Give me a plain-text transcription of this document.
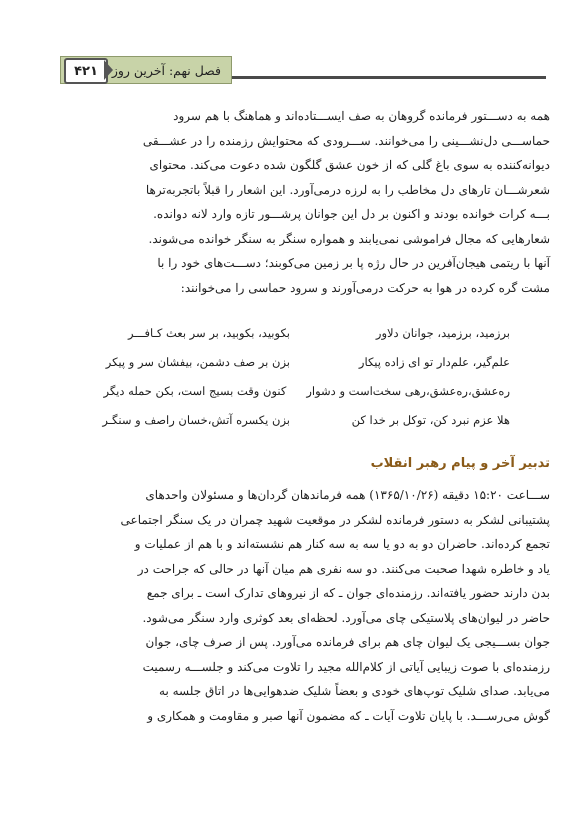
فصل نهم: آخرین روز
۴۲۱
همه به دســـتور فرمانده گروهان به صف ایســـتاده‌اند و هماهنگ با هم سرود
حماســـی دل‌نشـــینی را می‌خوانند. ســـرودی که محتوایش رزمنده را در عشـــقی
دیوانه‌کننده به سوی باغ گلی که از خون عشق گلگون شده دعوت می‌کند. محتوای
شعرشـــان تارهای دل مخاطب را به لرزه درمی‌آورد. این اشعار را قبلاً باتجربه‌ترها
بـــه کرات خوانده بودند و اکنون بر دل این جوانان پرشـــور تازه وارد لانه دوانده.
شعارهایی که مجال فراموشی نمی‌یابند و همواره سنگر به سنگر خوانده می‌شوند.
آنها با ریتمی هیجان‌آفرین در حال رژه پا بر زمین می‌کوبند؛ دســـت‌های خود را با
مشت گره کرده در هوا به حرکت درمی‌آورند و سرود حماسی را می‌خوانند:
برزمید، برزمید، جوانان دلاور
بکوبید، بکوبید، بر سر بعث کـافـــر
علم‌گیر، علم‌دار تو ای زاده پیکار
بزن بر صف دشمن، بیفشان سر و پیکر
ره‌عشق،ره‌عشق،رهی سخت‌است و دشوار
کنون وقت بسیج است، بکن حمله دیگر
هلا عزم نبرد کن، توکل بر خدا کن
بزن یکسره آتش،خسان راصف و سنگـر
تدبیر آخر و پیام رهبر انقلاب
ســـاعت ۱۵:۲۰ دقیقه (۱۳۶۵/۱۰/۲۶) همه فرماندهان گردان‌ها و مسئولان واحدهای
پشتیبانی لشکر به دستور فرمانده لشکر در موقعیت شهید چمران در یک سنگر اجتماعی
تجمع کرده‌اند. حاضران دو به دو یا سه به سه کنار هم نشسته‌اند و با هم از عملیات و
یاد و خاطره شهدا صحبت می‌کنند. دو سه نفری هم میان آنها در حالی که جراحت در
بدن دارند حضور یافته‌اند. رزمنده‌ای جوان ـ که از نیروهای تدارک است ـ برای جمع
حاضر در لیوان‌های پلاستیکی چای می‌آورد. لحظه‌ای بعد کوثری وارد سنگر می‌شود.
جوان بســـیجی یک لیوان چای هم برای فرمانده می‌آورد. پس از صرف چای، جوان
رزمنده‌ای با صوت زیبایی آیاتی از کلام‌الله مجید را تلاوت می‌کند و جلســـه رسمیت
می‌یابد. صدای شلیک توپ‌های خودی و بعضاً شلیک ضدهوایی‌ها در اتاق جلسه به
گوش می‌رســـد. با پایان تلاوت آیات ـ که مضمون آنها صبر و مقاومت و همکاری و
